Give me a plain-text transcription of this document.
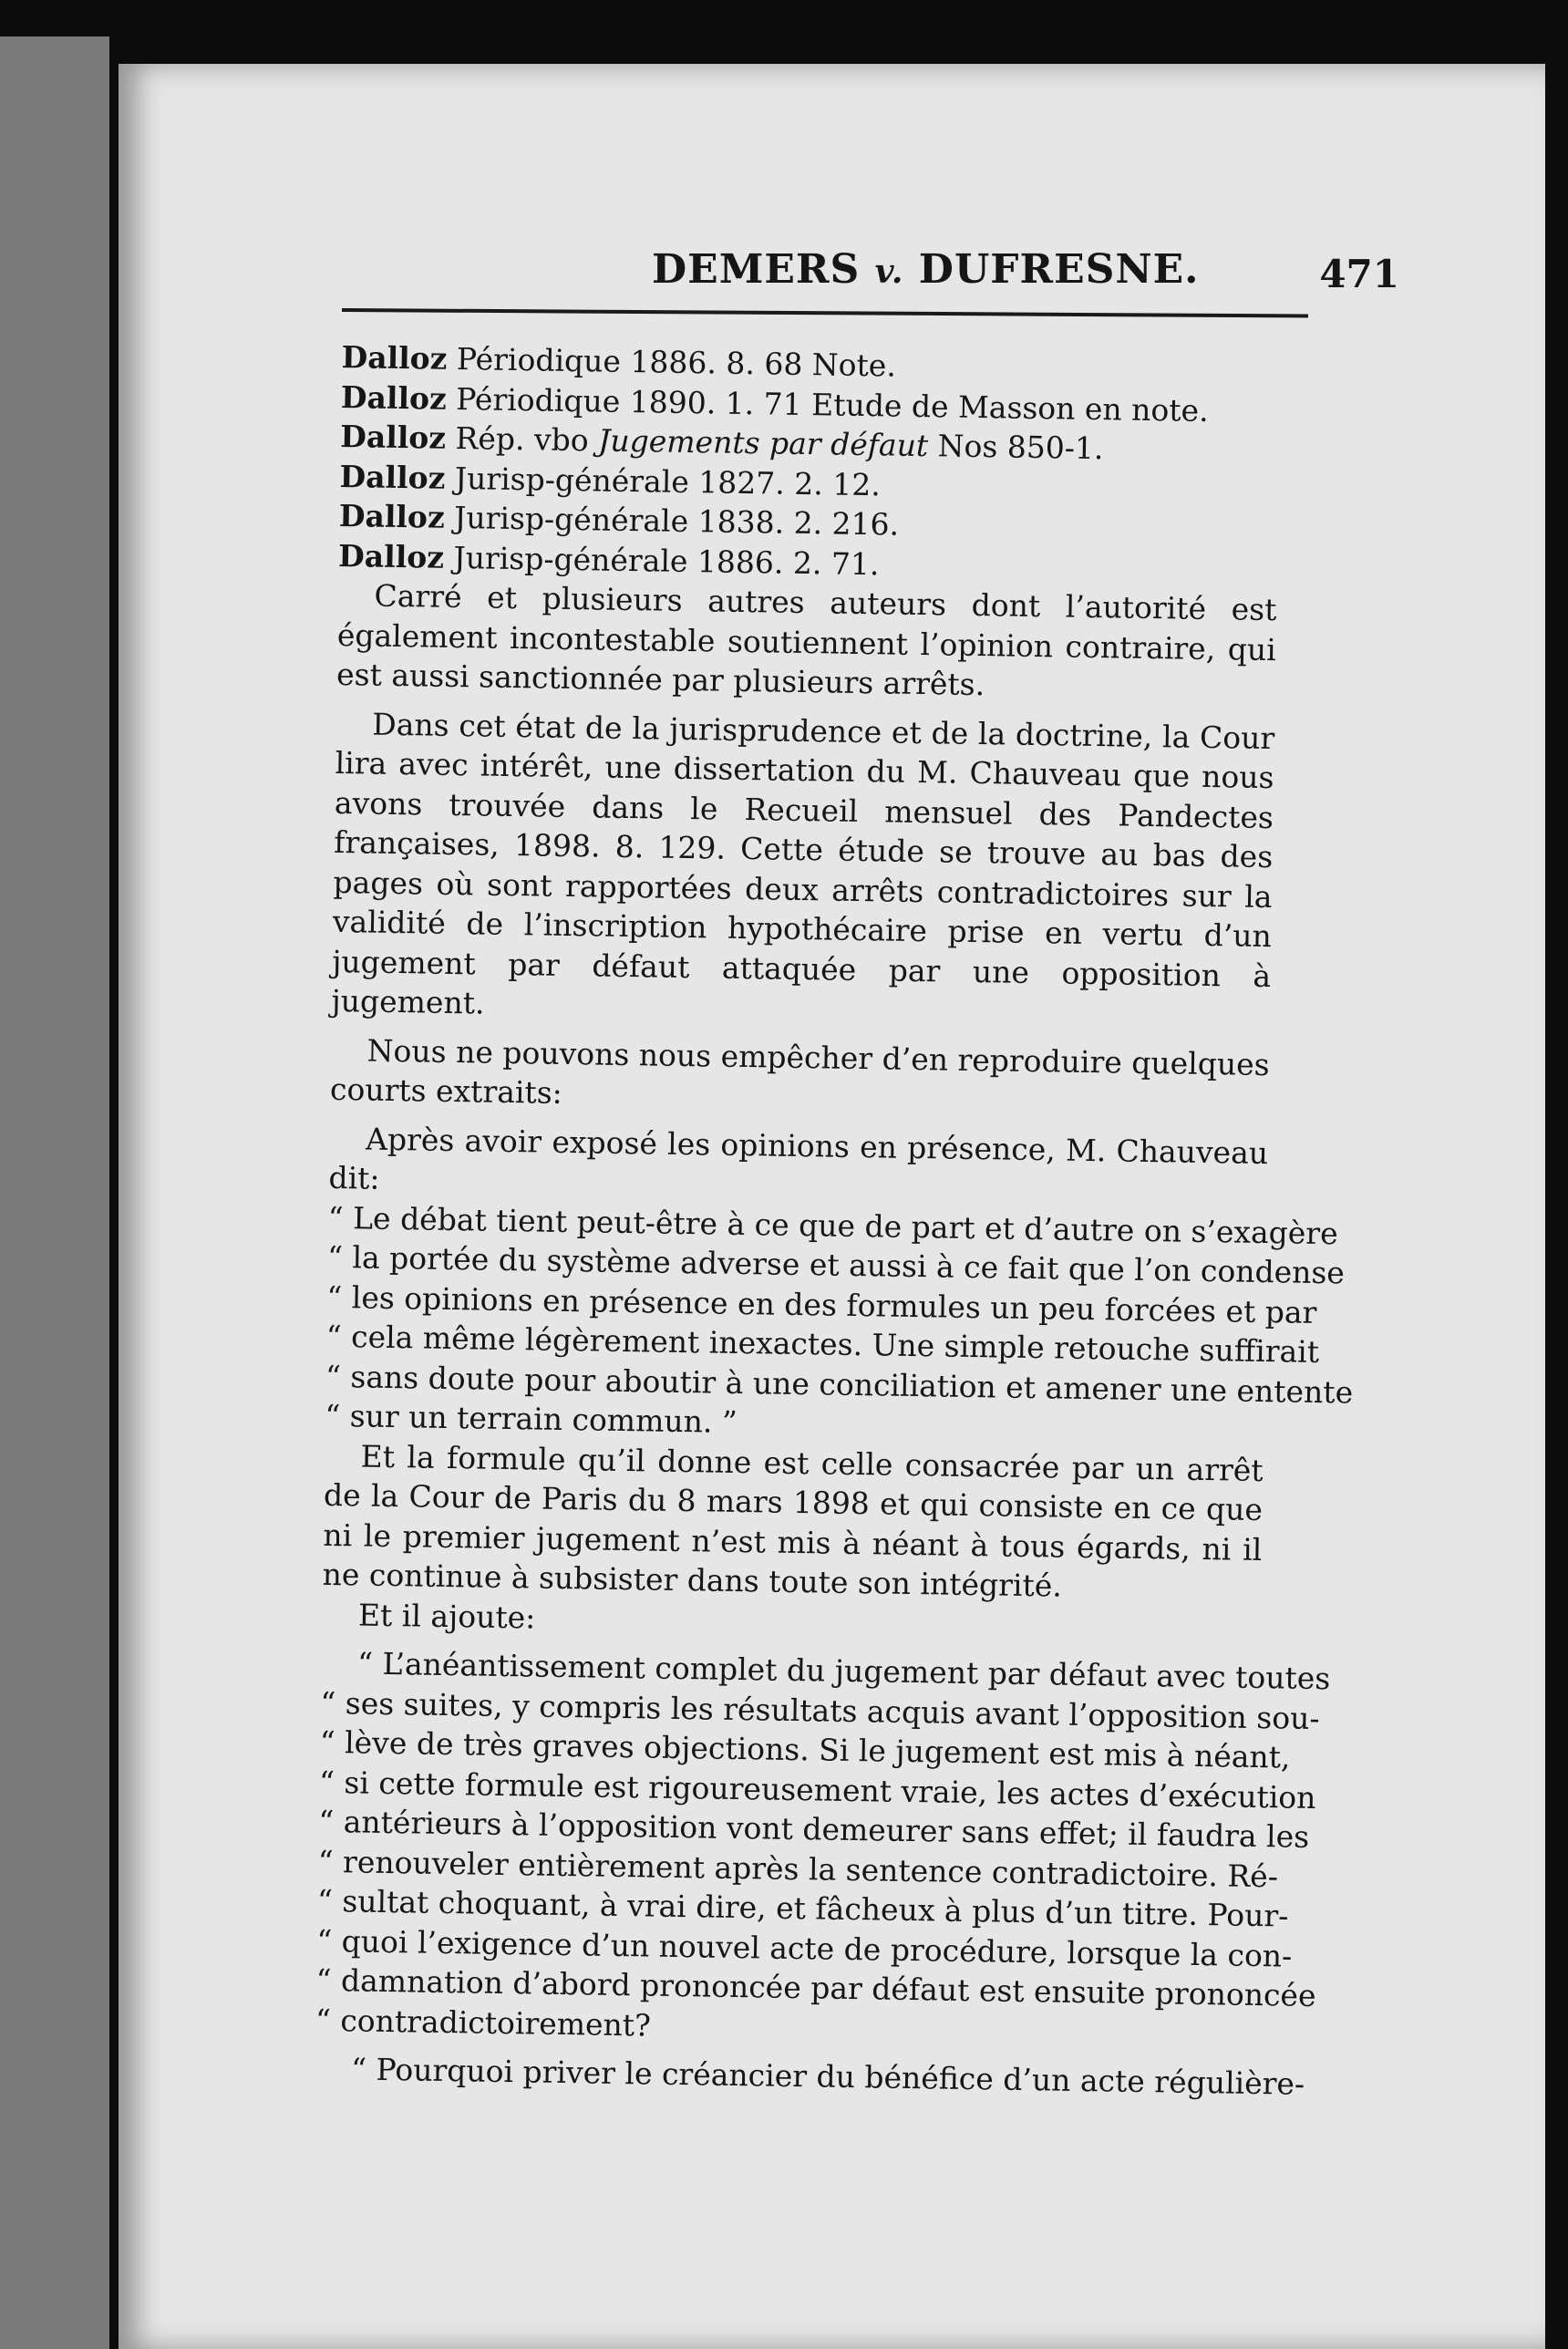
DEMERS v. DUFRESNE.	471
Dalloz Périodique 1886. 8. 68 Note.
Dalloz Périodique 1890. 1. 71 Etude de Masson en note.
Dalloz Rép. vbo Jugements par défaut Nos 850-1.
Dalloz Jurisp-générale 1827. 2. 12.
Dalloz Jurisp-générale 1838. 2. 216.
Dalloz Jurisp-générale 1886. 2. 71.

Carré et plusieurs autres auteurs dont l’autorité est également incontestable soutiennent l’opinion contraire, qui est aussi sanctionnée par plusieurs arrêts.

Dans cet état de la jurisprudence et de la doctrine, la Cour lira avec intérêt, une dissertation du M. Chauveau que nous avons trouvée dans le Recueil mensuel des Pandectes françaises, 1898. 8. 129. Cette étude se trouve au bas des pages où sont rapportées deux arrêts contradictoires sur la validité de l’inscription hypothécaire prise en vertu d’un jugement par défaut attaquée par une opposition à jugement.

Nous ne pouvons nous empêcher d’en reproduire quelques courts extraits:

Après avoir exposé les opinions en présence, M. Chauveau dit:

“ Le débat tient peut-être à ce que de part et d’autre on s’exagère
“ la portée du système adverse et aussi à ce fait que l’on condense
“ les opinions en présence en des formules un peu forcées et par
“ cela même légèrement inexactes. Une simple retouche suffirait
“ sans doute pour aboutir à une conciliation et amener une entente
“ sur un terrain commun. ”

Et la formule qu’il donne est celle consacrée par un arrêt de la Cour de Paris du 8 mars 1898 et qui consiste en ce que ni le premier jugement n’est mis à néant à tous égards, ni il ne continue à subsister dans toute son intégrité.

Et il ajoute:

“ L’anéantissement complet du jugement par défaut avec toutes
“ ses suites, y compris les résultats acquis avant l’opposition sou-
“ lève de très graves objections. Si le jugement est mis à néant,
“ si cette formule est rigoureusement vraie, les actes d’exécution
“ antérieurs à l’opposition vont demeurer sans effet; il faudra les
“ renouveler entièrement après la sentence contradictoire. Ré-
“ sultat choquant, à vrai dire, et fâcheux à plus d’un titre. Pour-
“ quoi l’exigence d’un nouvel acte de procédure, lorsque la con-
“ damnation d’abord prononcée par défaut est ensuite prononcée
“ contradictoirement?
“ Pourquoi priver le créancier du bénéfice d’un acte régulière-
